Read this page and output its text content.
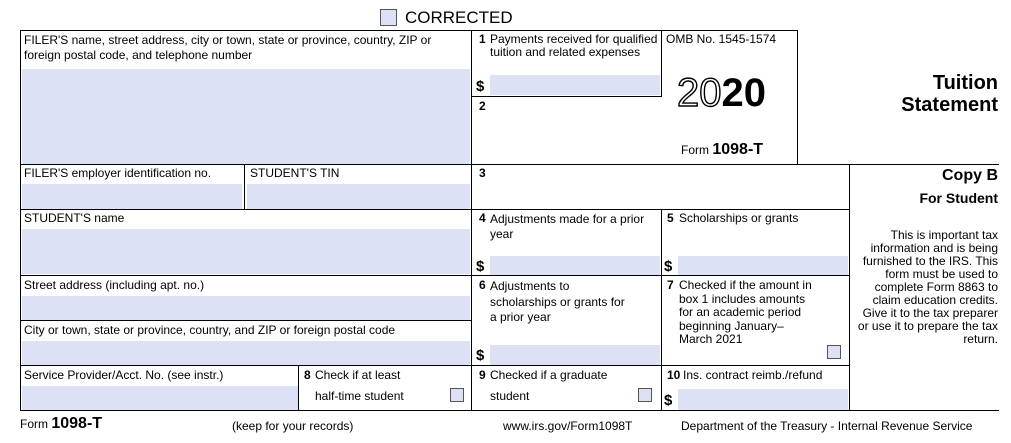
CORRECTED
FILER'S name, street address, city or town, state or province, country, ZIP or foreign postal code, and telephone number
FILER'S employer identification no.	STUDENT'S TIN
STUDENT'S name
Street address (including apt. no.)
City or town, state or province, country, and ZIP or foreign postal code
Service Provider/Acct. No. (see instr.)
1 Payments received for qualified tuition and related expenses
$
2
OMB No. 1545-1574
2020
Form 1098-T
Tuition
Statement
3	Copy B
For Student
This is important tax information and is being furnished to the IRS. This form must be used to complete Form 8863 to claim education credits. Give it to the tax preparer or use it to prepare the tax return.
4 Adjustments made for a prior year
$
5 Scholarships or grants
$
6 Adjustments to scholarships or grants for a prior year
$
7 Checked if the amount in box 1 includes amounts for an academic period beginning January– March 2021
8 Check if at least
half-time student
9 Checked if a graduate
student
10 Ins. contract reimb./refund
$
Form 1098-T	(keep for your records)	www.irs.gov/Form1098T	Department of the Treasury - Internal Revenue Service
